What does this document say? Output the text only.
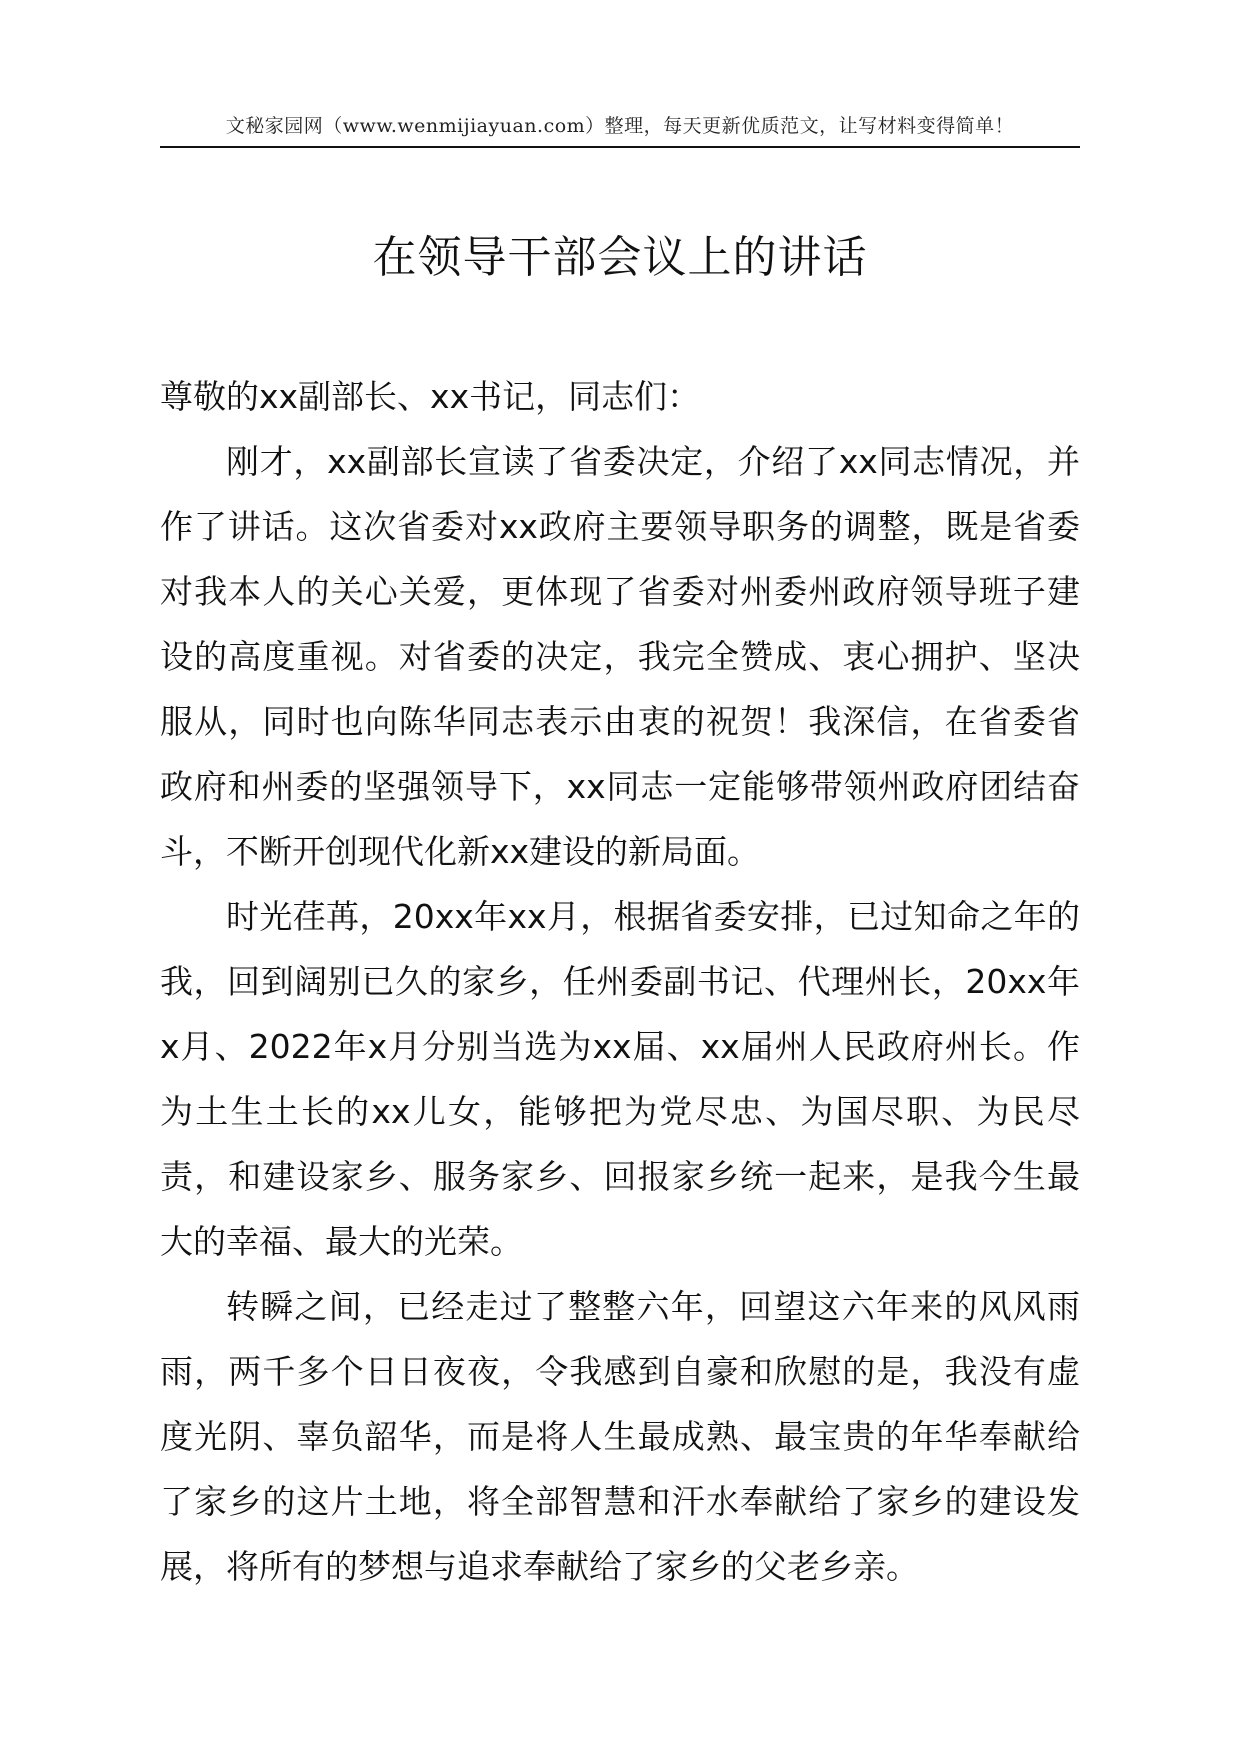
文秘家园网（www.wenmijiayuan.com）整理，每天更新优质范文，让写材料变得简单！
在领导干部会议上的讲话

尊敬的xx副部长、xx书记，同志们：

刚才，xx副部长宣读了省委决定，介绍了xx同志情况，并作了讲话。这次省委对xx政府主要领导职务的调整，既是省委对我本人的关心关爱，更体现了省委对州委州政府领导班子建设的高度重视。对省委的决定，我完全赞成、衷心拥护、坚决服从，同时也向陈华同志表示由衷的祝贺！我深信，在省委省政府和州委的坚强领导下，xx同志一定能够带领州政府团结奋斗，不断开创现代化新xx建设的新局面。

时光荏苒，20xx年xx月，根据省委安排，已过知命之年的我，回到阔别已久的家乡，任州委副书记、代理州长，20xx年x月、2022年x月分别当选为xx届、xx届州人民政府州长。作为土生土长的xx儿女，能够把为党尽忠、为国尽职、为民尽责，和建设家乡、服务家乡、回报家乡统一起来，是我今生最大的幸福、最大的光荣。

转瞬之间，已经走过了整整六年，回望这六年来的风风雨雨，两千多个日日夜夜，令我感到自豪和欣慰的是，我没有虚度光阴、辜负韶华，而是将人生最成熟、最宝贵的年华奉献给了家乡的这片土地，将全部智慧和汗水奉献给了家乡的建设发展，将所有的梦想与追求奉献给了家乡的父老乡亲。
